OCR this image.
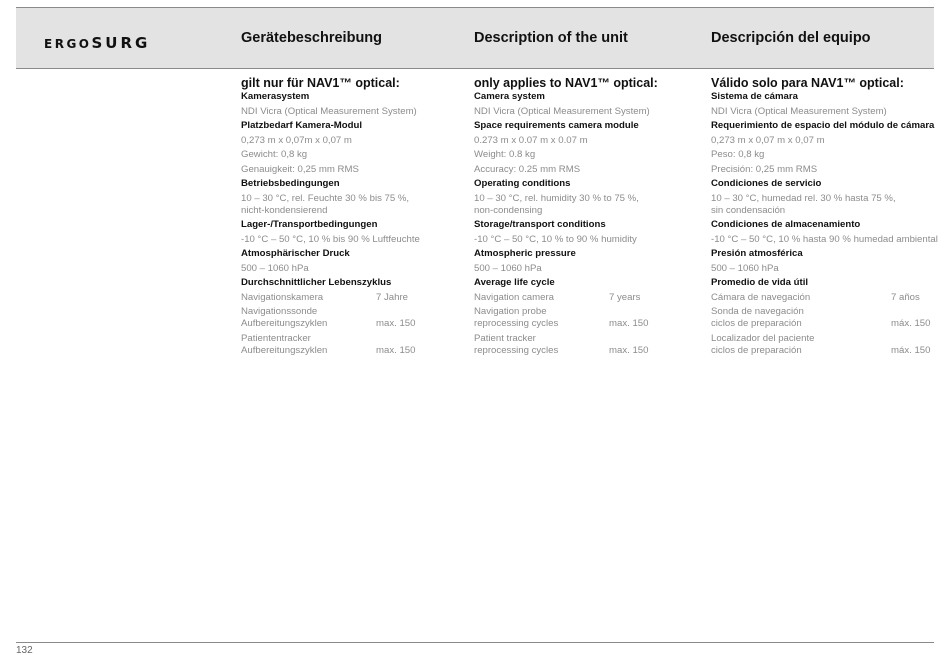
ERGOSURG	Gerätebeschreibung	Description of the unit	Descripción del equipo
gilt nur für NAV1™ optical:
Kamerasystem
NDI Vicra (Optical Measurement System)
Platzbedarf Kamera-Modul
0,273 m x 0,07m x 0,07 m
Gewicht: 0,8 kg
Genauigkeit: 0,25 mm RMS
Betriebsbedingungen
10 – 30 °C, rel. Feuchte 30 % bis 75 %,
nicht-kondensierend
Lager-/Transportbedingungen
-10 °C – 50 °C, 10 % bis 90 % Luftfeuchte
Atmosphärischer Druck
500 – 1060 hPa
Durchschnittlicher Lebenszyklus
Navigationskamera	7 Jahre
Navigationssonde
Aufbereitungszyklen	max. 150
Patiententracker
Aufbereitungszyklen	max. 150
only applies to NAV1™ optical:
Camera system
NDI Vicra (Optical Measurement System)
Space requirements camera module
0.273 m x 0.07 m x 0.07 m
Weight: 0.8 kg
Accuracy: 0.25 mm RMS
Operating conditions
10 – 30 °C, rel. humidity 30 % to 75 %,
non-condensing
Storage/transport conditions
-10 °C – 50 °C, 10 % to 90 % humidity
Atmospheric pressure
500 – 1060 hPa
Average life cycle
Navigation camera	7 years
Navigation probe
reprocessing cycles	max. 150
Patient tracker
reprocessing cycles	max. 150
Válido solo para NAV1™ optical:
Sistema de cámara
NDI Vicra (Optical Measurement System)
Requerimiento de espacio del módulo de cámara
0,273 m x 0,07 m x 0,07 m
Peso: 0,8 kg
Precisión: 0,25 mm RMS
Condiciones de servicio
10 – 30 °C, humedad rel. 30 % hasta 75 %,
sin condensación
Condiciones de almacenamiento
-10 °C – 50 °C, 10 % hasta 90 % humedad ambiental
Presión atmosférica
500 – 1060 hPa
Promedio de vida útil
Cámara de navegación	7 años
Sonda de navegación
ciclos de preparación	máx. 150
Localizador del paciente
ciclos de preparación	máx. 150
132
